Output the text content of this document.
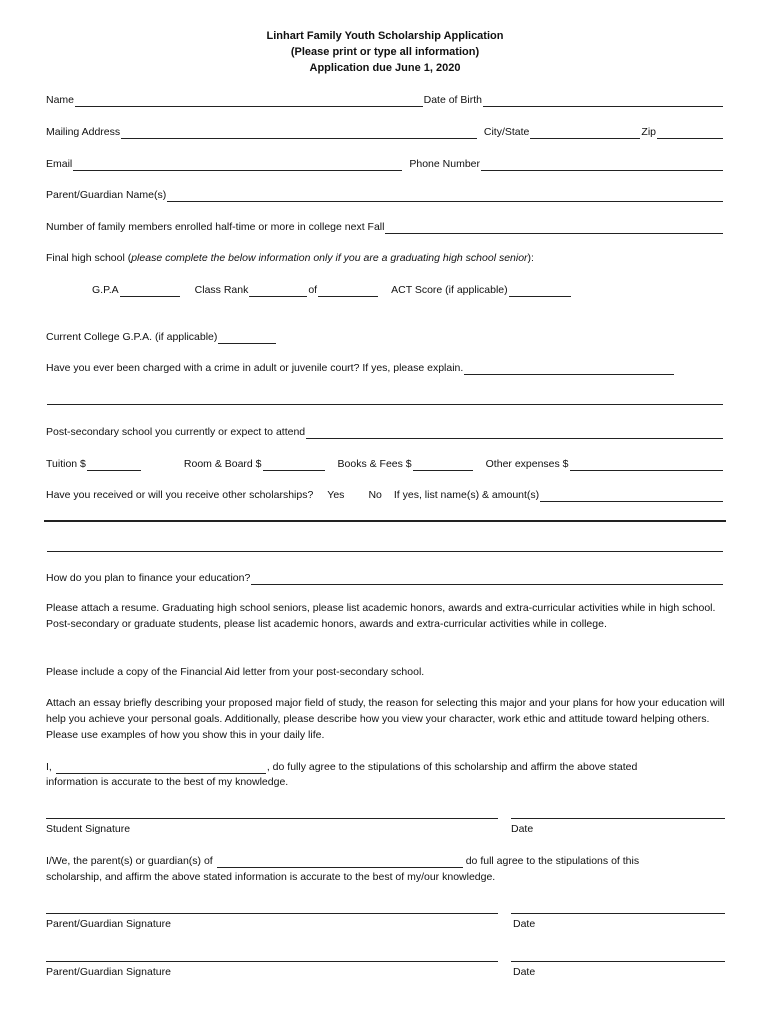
Linhart Family Youth Scholarship Application
(Please print or type all information)
Application due June 1, 2020
Name	Date of Birth
Mailing Address	City/State	Zip
Email	Phone Number
Parent/Guardian Name(s)
Number of family members enrolled half-time or more in college next Fall
Final high school ( please complete the below information only if you are a graduating high school senior ):
G.P.A	Class Rank	of	ACT Score (if applicable)
Current College G.P.A. (if applicable)
Have you ever been charged with a crime in adult or juvenile court? If yes, please explain.
Post-secondary school you currently or expect to attend
Tuition $	Room & Board $	Books & Fees $	Other expenses $
Have you received or will you receive other scholarships? Yes No If yes, list name(s) & amount(s)
How do you plan to finance your education?
Please attach a resume. Graduating high school seniors, please list academic honors, awards and extra-curricular activities while in high school. Post-secondary or graduate students, please list academic honors, awards and extra-curricular activities while in college.
Please include a copy of the Financial Aid letter from your post-secondary school.
Attach an essay briefly describing your proposed major field of study, the reason for selecting this major and your plans for how your education will help you achieve your personal goals. Additionally, please describe how you view your character, work ethic and attitude toward helping others. Please use examples of how you show this in your daily life.
I,	, do fully agree to the stipulations of this scholarship and affirm the above stated
information is accurate to the best of my knowledge.
Student Signature	Date
I/We, the parent(s) or guardian(s) of	do full agree to the stipulations of this
scholarship, and affirm the above stated information is accurate to the best of my/our knowledge.
Parent/Guardian Signature	Date
Parent/Guardian Signature	Date
